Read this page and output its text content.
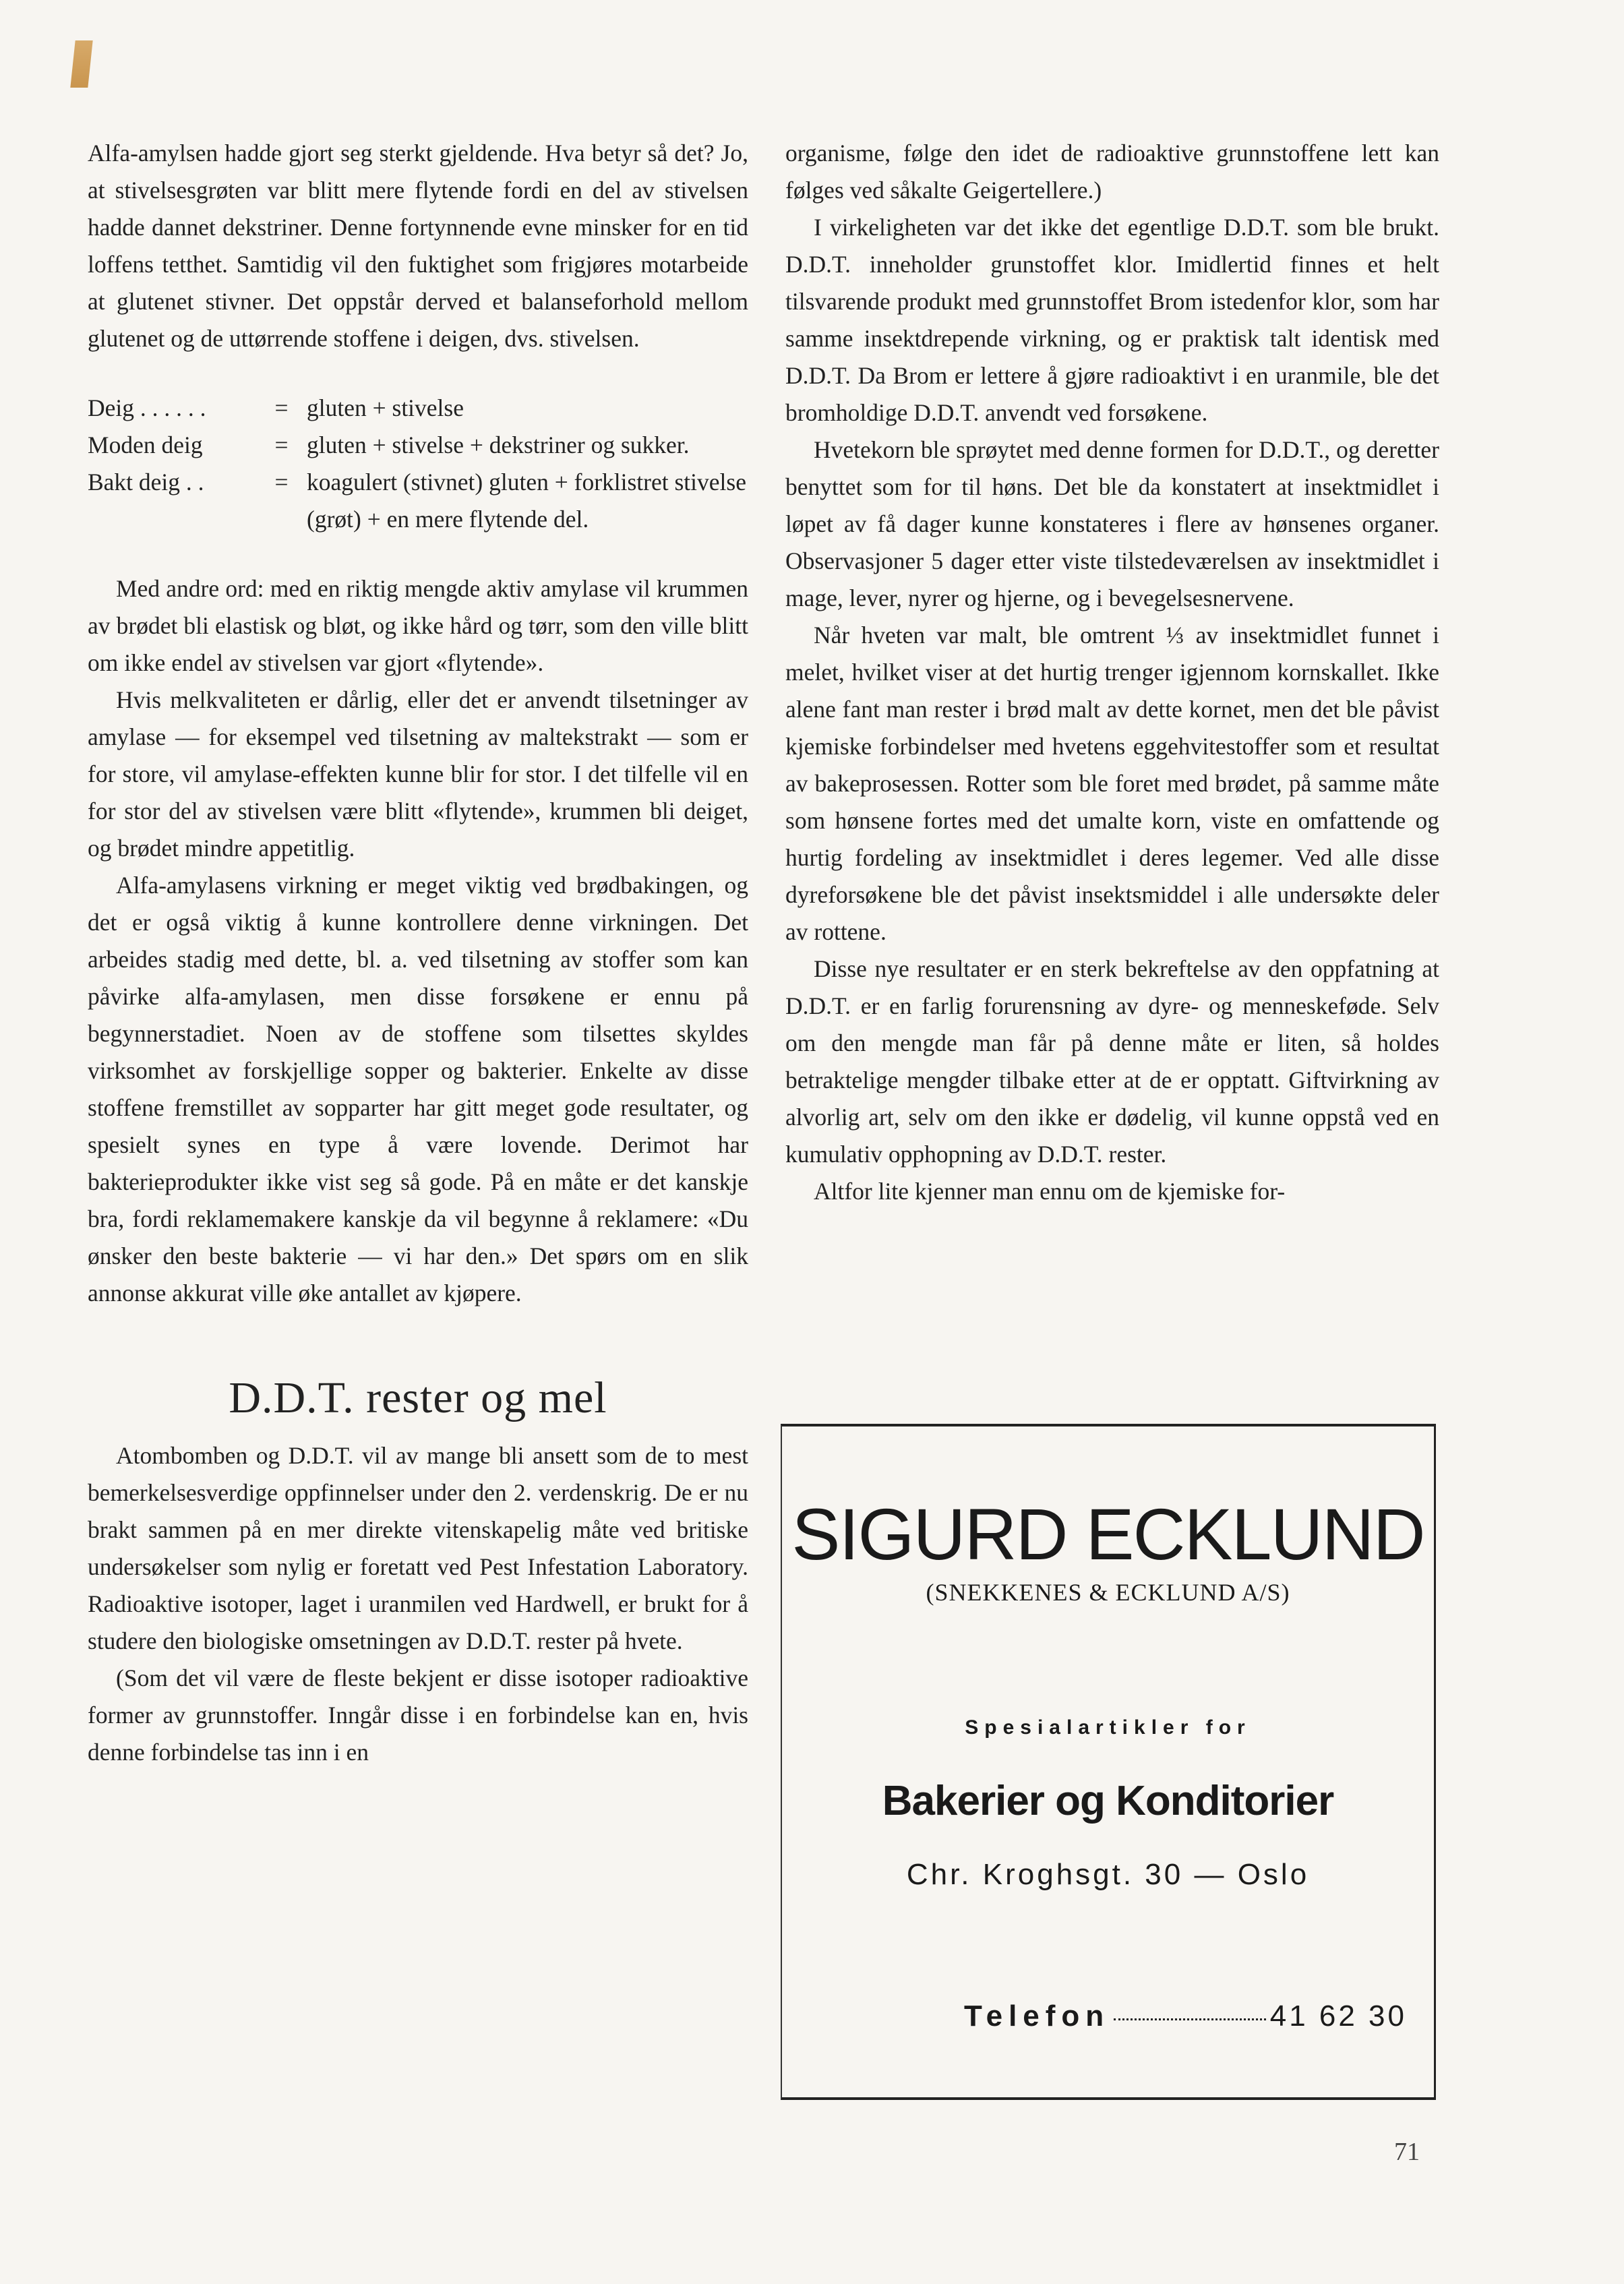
Alfa-amylsen hadde gjort seg sterkt gjeldende. Hva betyr så det? Jo, at stivelsesgrøten var blitt mere flytende fordi en del av stivelsen hadde dannet dekstriner. Denne fortynnende evne minsker for en tid loffens tetthet. Samtidig vil den fuktighet som frigjøres motarbeide at glutenet stivner. Det oppstår derved et balanseforhold mellom glutenet og de uttørrende stoffene i deigen, dvs. stivelsen.

Deig . . . . . .	= gluten + stivelse
Moden deig	= gluten + stivelse + dekstriner og sukker.
Bakt deig . .	= koagulert (stivnet) gluten + forklistret stivelse (grøt) + en mere flytende del.

Med andre ord: med en riktig mengde aktiv amylase vil krummen av brødet bli elastisk og bløt, og ikke hård og tørr, som den ville blitt om ikke endel av stivelsen var gjort «flytende».

Hvis melkvaliteten er dårlig, eller det er anvendt tilsetninger av amylase — for eksempel ved tilsetning av maltekstrakt — som er for store, vil amylase-effekten kunne blir for stor. I det tilfelle vil en for stor del av stivelsen være blitt «flytende», krummen bli deiget, og brødet mindre appetitlig.

Alfa-amylasens virkning er meget viktig ved brødbakingen, og det er også viktig å kunne kontrollere denne virkningen. Det arbeides stadig med dette, bl. a. ved tilsetning av stoffer som kan påvirke alfa-amylasen, men disse forsøkene er ennu på begynnerstadiet. Noen av de stoffene som tilsettes skyldes virksomhet av forskjellige sopper og bakterier. Enkelte av disse stoffene fremstillet av sopparter har gitt meget gode resultater, og spesielt synes en type å være lovende. Derimot har bakterieprodukter ikke vist seg så gode. På en måte er det kanskje bra, fordi reklamemakere kanskje da vil begynne å reklamere: «Du ønsker den beste bakterie — vi har den.» Det spørs om en slik annonse akkurat ville øke antallet av kjøpere.

D.D.T. rester og mel

Atombomben og D.D.T. vil av mange bli ansett som de to mest bemerkelsesverdige oppfinnelser under den 2. verdenskrig. De er nu brakt sammen på en mer direkte vitenskapelig måte ved britiske undersøkelser som nylig er foretatt ved Pest Infestation Laboratory. Radioaktive isotoper, laget i uranmilen ved Hardwell, er brukt for å studere den biologiske omsetningen av D.D.T. rester på hvete.

(Som det vil være de fleste bekjent er disse isotoper radioaktive former av grunnstoffer. Inngår disse i en forbindelse kan en, hvis denne forbindelse tas inn i en

organisme, følge den idet de radioaktive grunnstoffene lett kan følges ved såkalte Geigertellere.)

I virkeligheten var det ikke det egentlige D.D.T. som ble brukt. D.D.T. inneholder grunstoffet klor. Imidlertid finnes et helt tilsvarende produkt med grunnstoffet Brom istedenfor klor, som har samme insektdrepende virkning, og er praktisk talt identisk med D.D.T. Da Brom er lettere å gjøre radioaktivt i en uranmile, ble det bromholdige D.D.T. anvendt ved forsøkene.

Hvetekorn ble sprøytet med denne formen for D.D.T., og deretter benyttet som for til høns. Det ble da konstatert at insektmidlet i løpet av få dager kunne konstateres i flere av hønsenes organer. Observasjoner 5 dager etter viste tilstedeværelsen av insektmidlet i mage, lever, nyrer og hjerne, og i bevegelsesnervene.

Når hveten var malt, ble omtrent ⅓ av insektmidlet funnet i melet, hvilket viser at det hurtig trenger igjennom kornskallet. Ikke alene fant man rester i brød malt av dette kornet, men det ble påvist kjemiske forbindelser med hvetens eggehvitestoffer som et resultat av bakeprosessen. Rotter som ble foret med brødet, på samme måte som hønsene fortes med det umalte korn, viste en omfattende og hurtig fordeling av insektmidlet i deres legemer. Ved alle disse dyreforsøkene ble det påvist insektsmiddel i alle undersøkte deler av rottene.

Disse nye resultater er en sterk bekreftelse av den oppfatning at D.D.T. er en farlig forurensning av dyre- og menneskeføde. Selv om den mengde man får på denne måte er liten, så holdes betraktelige mengder tilbake etter at de er opptatt. Giftvirkning av alvorlig art, selv om den ikke er dødelig, vil kunne oppstå ved en kumulativ opphopning av D.D.T. rester.

Altfor lite kjenner man ennu om de kjemiske for-

SIGURD ECKLUND
(SNEKKENES & ECKLUND A/S)
Spesialartikler for
Bakerier og Konditorier
Chr. Kroghsgt. 30 — Oslo
Telefon	41 62 30
71
